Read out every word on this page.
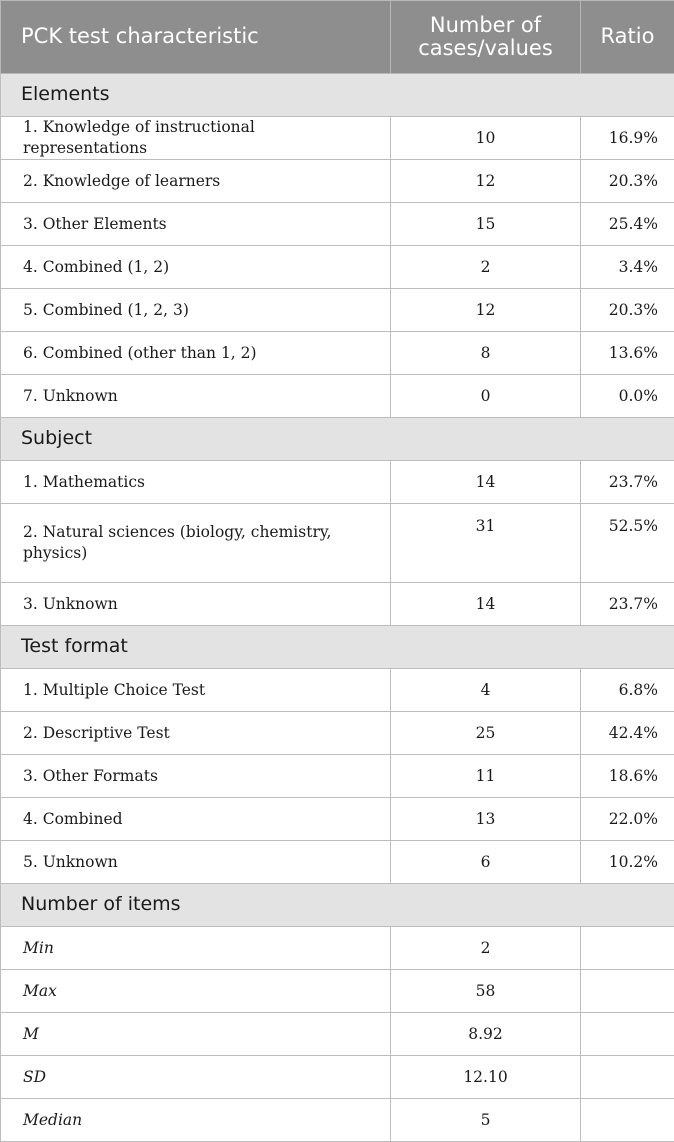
PCK test characteristic	Number of cases/values	Ratio
Elements		
1. Knowledge of instructional representations	10	16.9%
2. Knowledge of learners	12	20.3%
3. Other Elements	15	25.4%
4. Combined (1, 2)	2	3.4%
5. Combined (1, 2, 3)	12	20.3%
6. Combined (other than 1, 2)	8	13.6%
7. Unknown	0	0.0%
Subject		
1. Mathematics	14	23.7%
2. Natural sciences (biology, chemistry, physics)	31	52.5%
3. Unknown	14	23.7%
Test format		
1. Multiple Choice Test	4	6.8%
2. Descriptive Test	25	42.4%
3. Other Formats	11	18.6%
4. Combined	13	22.0%
5. Unknown	6	10.2%
Number of items		
Min	2	
Max	58	
M	8.92	
SD	12.10	
Median	5	
